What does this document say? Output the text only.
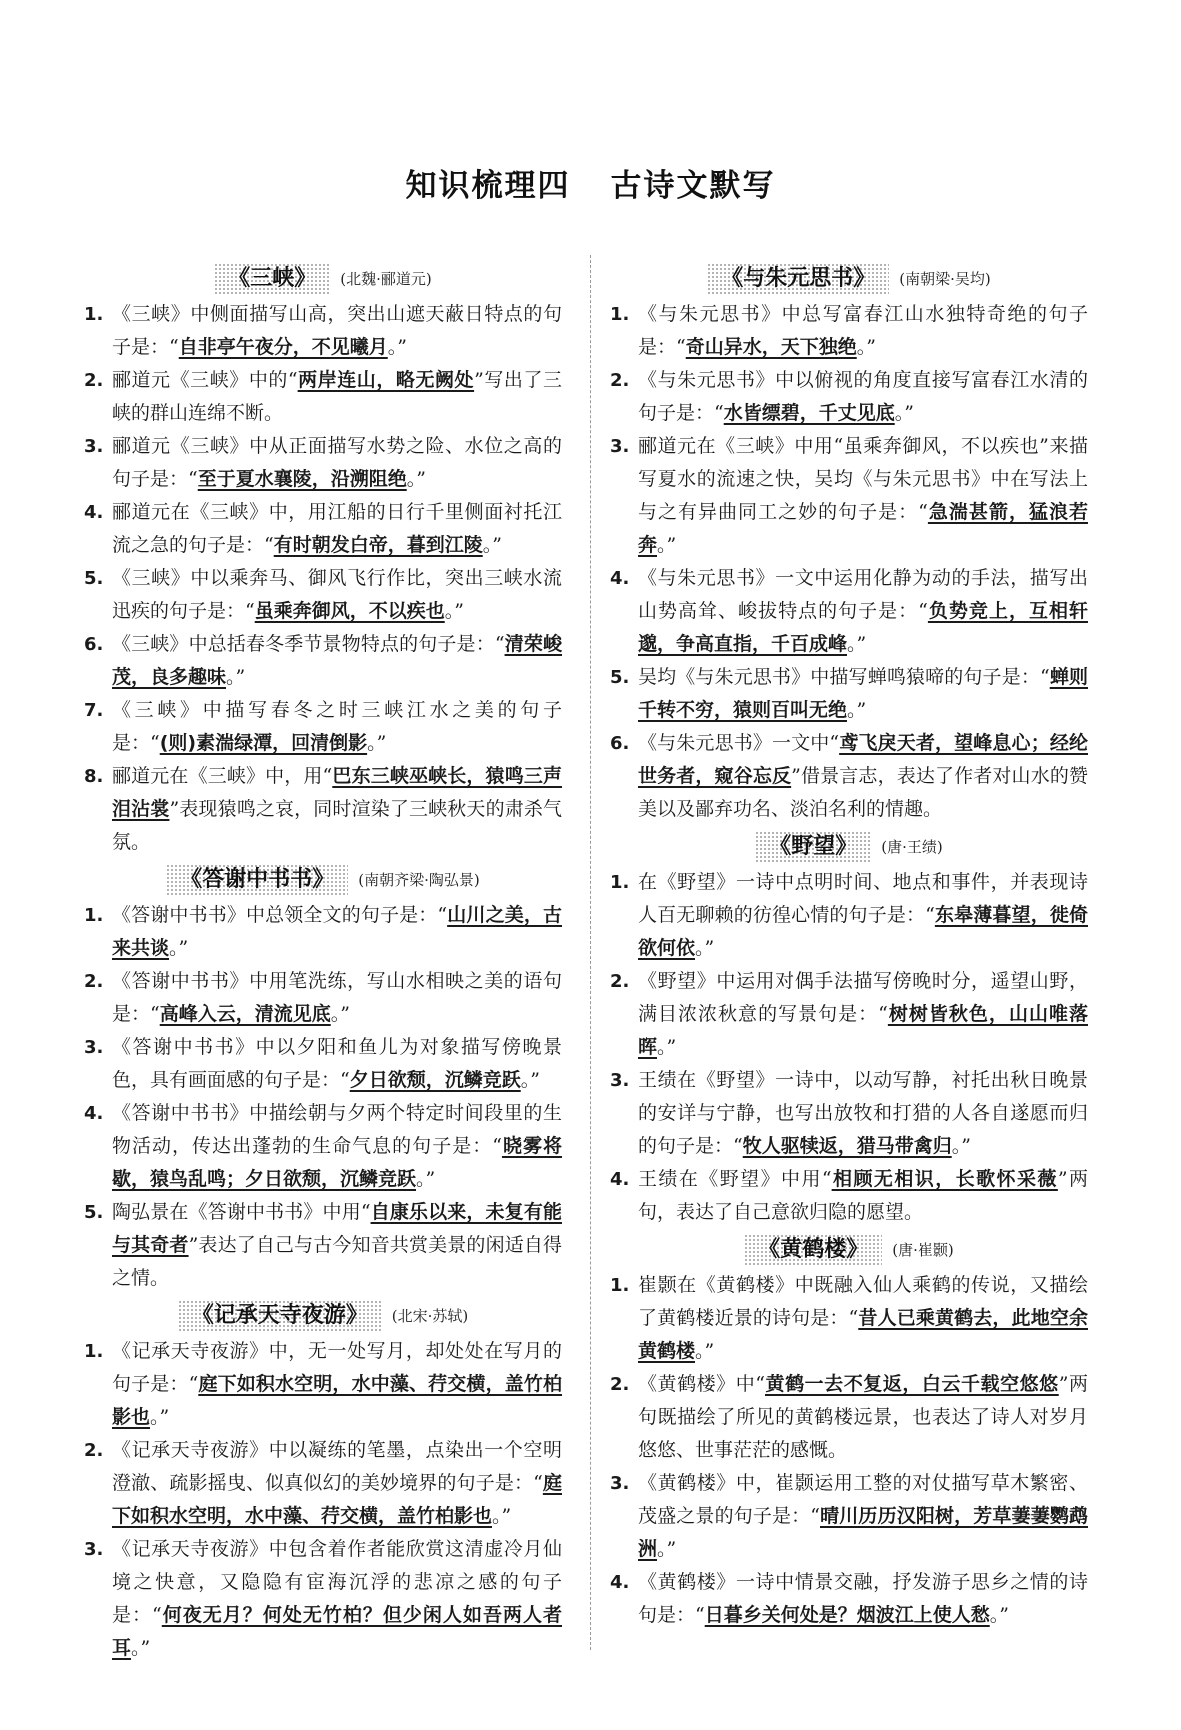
知识梳理四 古诗文默写
《三峡》 (北魏·郦道元)
1. 《三峡》中侧面描写山高，突出山遮天蔽日特点的句子是：“自非亭午夜分，不见曦月。”
2. 郦道元《三峡》中的“两岸连山，略无阙处”写出了三峡的群山连绵不断。
3. 郦道元《三峡》中从正面描写水势之险、水位之高的句子是：“至于夏水襄陵，沿溯阻绝。”
4. 郦道元在《三峡》中，用江船的日行千里侧面衬托江流之急的句子是：“有时朝发白帝，暮到江陵。”
5. 《三峡》中以乘奔马、御风飞行作比，突出三峡水流迅疾的句子是：“虽乘奔御风，不以疾也。”
6. 《三峡》中总括春冬季节景物特点的句子是：“清荣峻茂，良多趣味。”
7. 《三峡》中描写春冬之时三峡江水之美的句子是：“(则)素湍绿潭，回清倒影。”
8. 郦道元在《三峡》中，用“巴东三峡巫峡长，猿鸣三声泪沾裳”表现猿鸣之哀，同时渲染了三峡秋天的肃杀气氛。
《答谢中书书》 (南朝齐梁·陶弘景)
1. 《答谢中书书》中总领全文的句子是：“山川之美，古来共谈。”
2. 《答谢中书书》中用笔洗练，写山水相映之美的语句是：“高峰入云，清流见底。”
3. 《答谢中书书》中以夕阳和鱼儿为对象描写傍晚景色，具有画面感的句子是：“夕日欲颓，沉鳞竞跃。”
4. 《答谢中书书》中描绘朝与夕两个特定时间段里的生物活动，传达出蓬勃的生命气息的句子是：“晓雾将歇，猿鸟乱鸣；夕日欲颓，沉鳞竞跃。”
5. 陶弘景在《答谢中书书》中用“自康乐以来，未复有能与其奇者”表达了自己与古今知音共赏美景的闲适自得之情。
《记承天寺夜游》 (北宋·苏轼)
1. 《记承天寺夜游》中，无一处写月，却处处在写月的句子是：“庭下如积水空明，水中藻、荇交横，盖竹柏影也。”
2. 《记承天寺夜游》中以凝练的笔墨，点染出一个空明澄澈、疏影摇曳、似真似幻的美妙境界的句子是：“庭下如积水空明，水中藻、荇交横，盖竹柏影也。”
3. 《记承天寺夜游》中包含着作者能欣赏这清虚冷月仙境之快意，又隐隐有宦海沉浮的悲凉之感的句子是：“何夜无月？何处无竹柏？但少闲人如吾两人者耳。”
《与朱元思书》 (南朝梁·吴均)
1. 《与朱元思书》中总写富春江山水独特奇绝的句子是：“奇山异水，天下独绝。”
2. 《与朱元思书》中以俯视的角度直接写富春江水清的句子是：“水皆缥碧，千丈见底。”
3. 郦道元在《三峡》中用“虽乘奔御风，不以疾也”来描写夏水的流速之快，吴均《与朱元思书》中在写法上与之有异曲同工之妙的句子是：“急湍甚箭，猛浪若奔。”
4. 《与朱元思书》一文中运用化静为动的手法，描写出山势高耸、峻拔特点的句子是：“负势竞上，互相轩邈，争高直指，千百成峰。”
5. 吴均《与朱元思书》中描写蝉鸣猿啼的句子是：“蝉则千转不穷，猿则百叫无绝。”
6. 《与朱元思书》一文中“鸢飞戾天者，望峰息心；经纶世务者，窥谷忘反”借景言志，表达了作者对山水的赞美以及鄙弃功名、淡泊名利的情趣。
《野望》 (唐·王绩)
1. 在《野望》一诗中点明时间、地点和事件，并表现诗人百无聊赖的彷徨心情的句子是：“东皋薄暮望，徙倚欲何依。”
2. 《野望》中运用对偶手法描写傍晚时分，遥望山野，满目浓浓秋意的写景句是：“树树皆秋色，山山唯落晖。”
3. 王绩在《野望》一诗中，以动写静，衬托出秋日晚景的安详与宁静，也写出放牧和打猎的人各自遂愿而归的句子是：“牧人驱犊返，猎马带禽归。”
4. 王绩在《野望》中用“相顾无相识，长歌怀采薇”两句，表达了自己意欲归隐的愿望。
《黄鹤楼》 (唐·崔颢)
1. 崔颢在《黄鹤楼》中既融入仙人乘鹤的传说，又描绘了黄鹤楼近景的诗句是：“昔人已乘黄鹤去，此地空余黄鹤楼。”
2. 《黄鹤楼》中“黄鹤一去不复返，白云千载空悠悠”两句既描绘了所见的黄鹤楼远景，也表达了诗人对岁月悠悠、世事茫茫的感慨。
3. 《黄鹤楼》中，崔颢运用工整的对仗描写草木繁密、茂盛之景的句子是：“晴川历历汉阳树，芳草萋萋鹦鹉洲。”
4. 《黄鹤楼》一诗中情景交融，抒发游子思乡之情的诗句是：“日暮乡关何处是？烟波江上使人愁。”
